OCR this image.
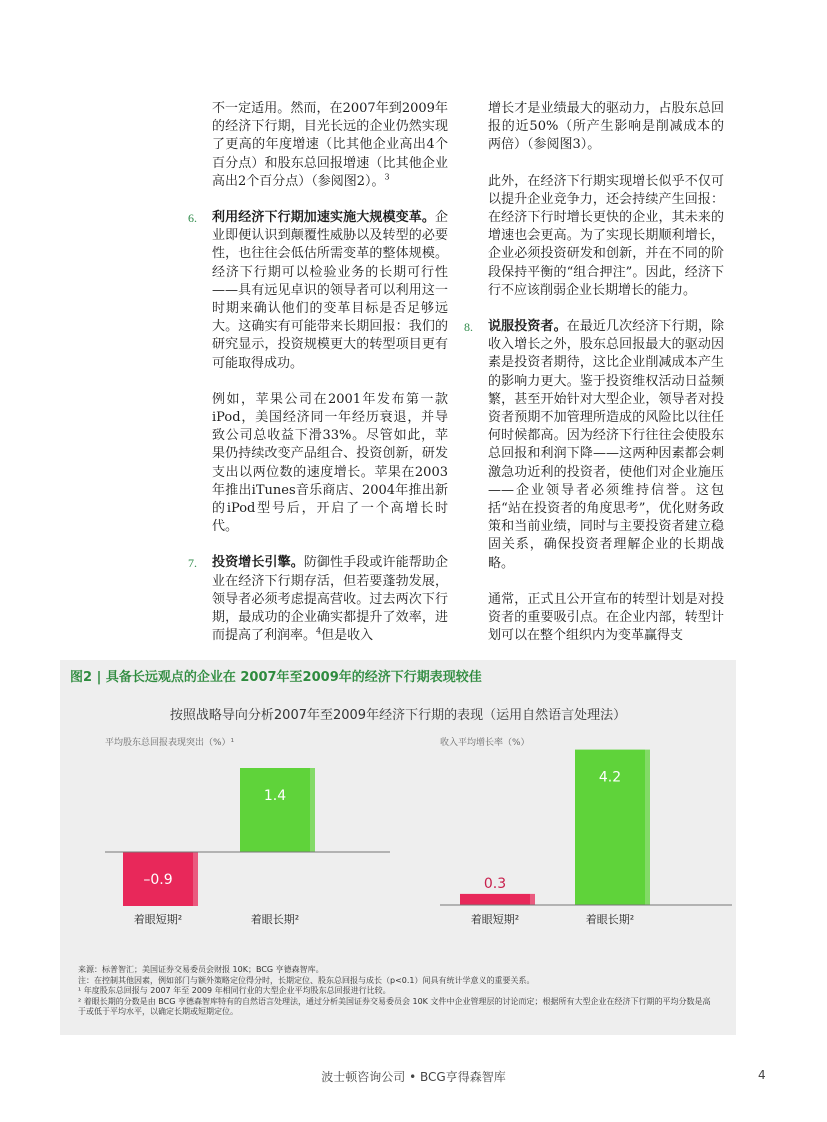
不一定适用。然而，在2007年到2009年的经济下行期，目光长远的企业仍然实现了更高的年度增速（比其他企业高出4个百分点）和股东总回报增速（比其他企业高出2个百分点）（参阅图2）。$^3$

6. 利用经济下行期加速实施大规模变革。企业即便认识到颠覆性威胁以及转型的必要性，也往往会低估所需变革的整体规模。经济下行期可以检验业务的长期可行性——具有远见卓识的领导者可以利用这一时期来确认他们的变革目标是否足够远大。这确实有可能带来长期回报：我们的研究显示，投资规模更大的转型项目更有可能取得成功。

例如，苹果公司在2001年发布第一款iPod，美国经济同一年经历衰退，并导致公司总收益下滑33%。尽管如此，苹果仍持续改变产品组合、投资创新，研发支出以两位数的速度增长。苹果在2003年推出iTunes音乐商店、2004年推出新的iPod型号后，开启了一个高增长时代。

7. 投资增长引擎。防御性手段或许能帮助企业在经济下行期存活，但若要蓬勃发展，领导者必须考虑提高营收。过去两次下行期，最成功的企业确实都提升了效率，进而提高了利润率。$^4$但是收入

增长才是业绩最大的驱动力，占股东总回报的近50%（所产生影响是削减成本的两倍）（参阅图3）。

此外，在经济下行期实现增长似乎不仅可以提升企业竞争力，还会持续产生回报：在经济下行时增长更快的企业，其未来的增速也会更高。为了实现长期顺利增长，企业必须投资研发和创新，并在不同的阶段保持平衡的“组合押注”。因此，经济下行不应该削弱企业长期增长的能力。

8. 说服投资者。在最近几次经济下行期，除收入增长之外，股东总回报最大的驱动因素是投资者期待，这比企业削减成本产生的影响力更大。鉴于投资维权活动日益频繁，甚至开始针对大型企业，领导者对投资者预期不加管理所造成的风险比以往任何时候都高。因为经济下行往往会使股东总回报和利润下降——这两种因素都会刺激急功近利的投资者，使他们对企业施压——企业领导者必须维持信誉。这包括“站在投资者的角度思考”，优化财务政策和当前业绩，同时与主要投资者建立稳固关系，确保投资者理解企业的长期战略。

通常，正式且公开宣布的转型计划是对投资者的重要吸引点。在企业内部，转型计划可以在整个组织内为变革赢得支

图2 | 具备长远观点的企业在 2007年至2009年的经济下行期表现较佳
按照战略导向分析2007年至2009年经济下行期的表现（运用自然语言处理法）
平均股东总回报表现突出（%）¹
–0.9
着眼短期²
1.4
着眼长期²
收入平均增长率（%）
0.3
着眼短期²
4.2
着眼长期²
来源：标普智汇；美国证券交易委员会财报 10K；BCG 亨德森智库。
注：在控制其他因素，例如部门与额外策略定位得分时，长期定位、股东总回报与成长（p<0.1）间具有统计学意义的重要关系。
¹ 年度股东总回报与 2007 年至 2009 年相同行业的大型企业平均股东总回报进行比较。
² 着眼长期的分数是由 BCG 亨德森智库特有的自然语言处理法，通过分析美国证券交易委员会 10K 文件中企业管理层的讨论而定；根据所有大型企业在经济下行期的平均分数是高于或低于平均水平，以确定长期或短期定位。
波士顿咨询公司 • BCG亨得森智库	4
